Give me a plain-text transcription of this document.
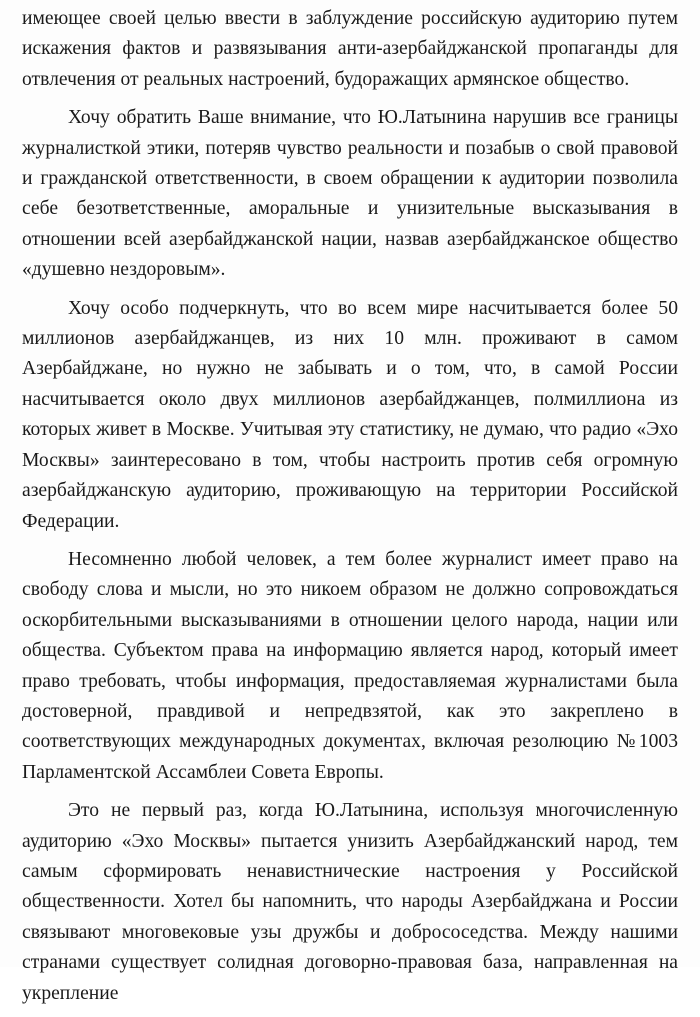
имеющее своей целью ввести в заблуждение российскую аудиторию путем искажения фактов и развязывания анти-азербайджанской пропаганды для отвлечения от реальных настроений, будоражащих армянское общество.

Хочу обратить Ваше внимание, что Ю.Латынина нарушив все границы журналисткой этики, потеряв чувство реальности и позабыв о свой правовой и гражданской ответственности, в своем обращении к аудитории позволила себе безответственные, аморальные и унизительные высказывания в отношении всей азербайджанской нации, назвав азербайджанское общество «душевно нездоровым».

Хочу особо подчеркнуть, что во всем мире насчитывается более 50 миллионов азербайджанцев, из них 10 млн. проживают в самом Азербайджане, но нужно не забывать и о том, что, в самой России насчитывается около двух миллионов азербайджанцев, полмиллиона из которых живет в Москве. Учитывая эту статистику, не думаю, что радио «Эхо Москвы» заинтересовано в том, чтобы настроить против себя огромную азербайджанскую аудиторию, проживающую на территории Российской Федерации.

Несомненно любой человек, а тем более журналист имеет право на свободу слова и мысли, но это никоем образом не должно сопровождаться оскорбительными высказываниями в отношении целого народа, нации или общества. Субъектом права на информацию является народ, который имеет право требовать, чтобы информация, предоставляемая журналистами была достоверной, правдивой и непредвзятой, как это закреплено в соответствующих международных документах, включая резолюцию №1003 Парламентской Ассамблеи Совета Европы.

Это не первый раз, когда Ю.Латынина, используя многочисленную аудиторию «Эхо Москвы» пытается унизить Азербайджанский народ, тем самым сформировать ненавистнические настроения у Российской общественности. Хотел бы напомнить, что народы Азербайджана и России связывают многовековые узы дружбы и добрососедства. Между нашими странами существует солидная договорно-правовая база, направленная на укрепление
